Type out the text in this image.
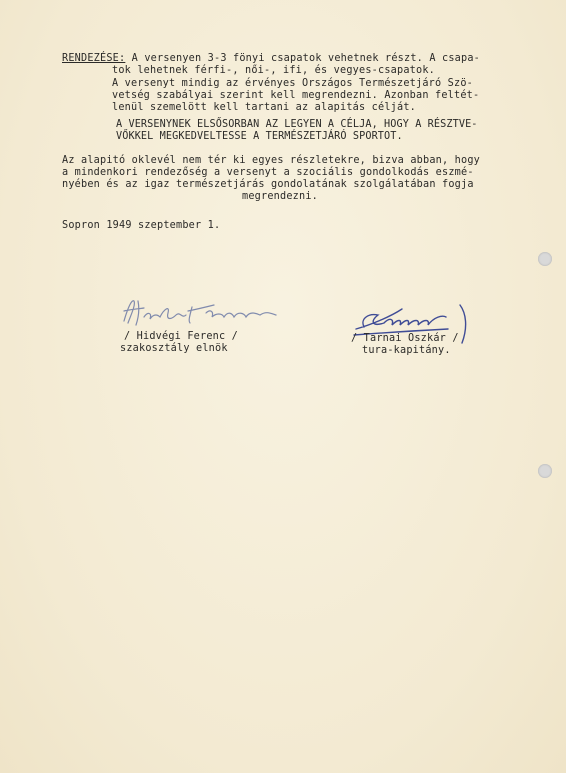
RENDEZÉSE: A versenyen 3-3 fönyi csapatok vehetnek részt. A csapa-
tok lehetnek férfi-, női-, ifi, és vegyes-csapatok.
A versenyt mindig az érvényes Országos Természetjáró Szö-
vetség szabályai szerint kell megrendezni. Azonban feltét-
lenül szemelött kell tartani az alapitás célját.
A VERSENYNEK ELSŐSORBAN AZ LEGYEN A CÉLJA, HOGY A RÉSZTVE-
VŐKKEL MEGKEDVELTESSE A TERMÉSZETJÁRÓ SPORTOT.
Az alapitó oklevél nem tér ki egyes részletekre, bizva abban, hogy
a mindenkori rendezőség a versenyt a szociális gondolkodás eszmé-
nyében és az igaz természetjárás gondolatának szolgálatában fogja
megrendezni.
Sopron 1949 szeptember 1.
/ Hidvégi Ferenc /
szakosztály elnök
/ Tarnai Oszkár /
tura-kapitány.
